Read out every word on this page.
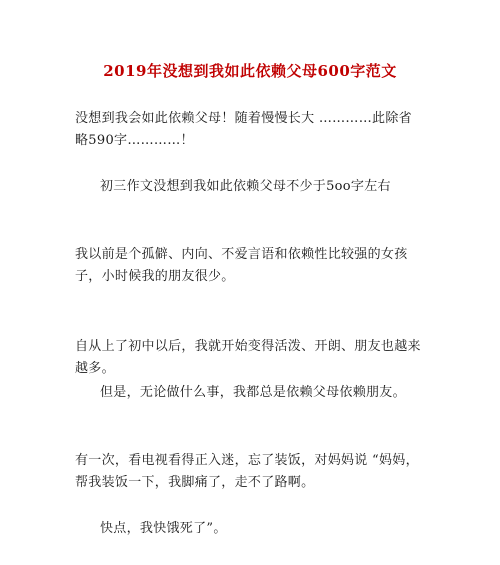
2019年没想到我如此依赖父母600字范文
没想到我会如此依赖父母！随着慢慢长大 …………此除省略590字…………！
初三作文没想到我如此依赖父母不少于5oo字左右
我以前是个孤僻、内向、不爱言语和依赖性比较强的女孩子，小时候我的朋友很少。
自从上了初中以后，我就开始变得活泼、开朗、朋友也越来越多。
但是，无论做什么事，我都总是依赖父母依赖朋友。
有一次，看电视看得正入迷，忘了装饭，对妈妈说 “妈妈，帮我装饭一下，我脚痛了，走不了路啊。
快点，我快饿死了”。
